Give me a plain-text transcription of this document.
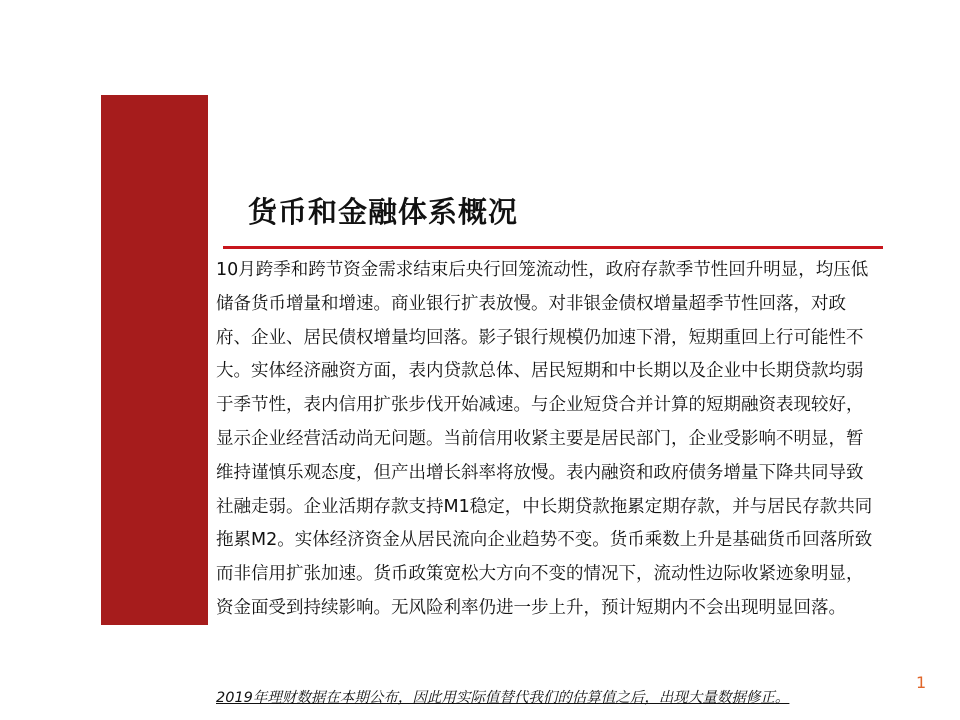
货币和金融体系概况
10月跨季和跨节资金需求结束后央行回笼流动性，政府存款季节性回升明显，均压低
储备货币增量和增速。商业银行扩表放慢。对非银金债权增量超季节性回落，对政
府、企业、居民债权增量均回落。影子银行规模仍加速下滑，短期重回上行可能性不
大。实体经济融资方面，表内贷款总体、居民短期和中长期以及企业中长期贷款均弱
于季节性，表内信用扩张步伐开始减速。与企业短贷合并计算的短期融资表现较好，
显示企业经营活动尚无问题。当前信用收紧主要是居民部门，企业受影响不明显，暂
维持谨慎乐观态度，但产出增长斜率将放慢。表内融资和政府债务增量下降共同导致
社融走弱。企业活期存款支持M1稳定，中长期贷款拖累定期存款，并与居民存款共同
拖累M2。实体经济资金从居民流向企业趋势不变。货币乘数上升是基础货币回落所致
而非信用扩张加速。货币政策宽松大方向不变的情况下，流动性边际收紧迹象明显，
资金面受到持续影响。无风险利率仍进一步上升，预计短期内不会出现明显回落。
1
2019年理财数据在本期公布，因此用实际值替代我们的估算值之后，出现大量数据修正。
